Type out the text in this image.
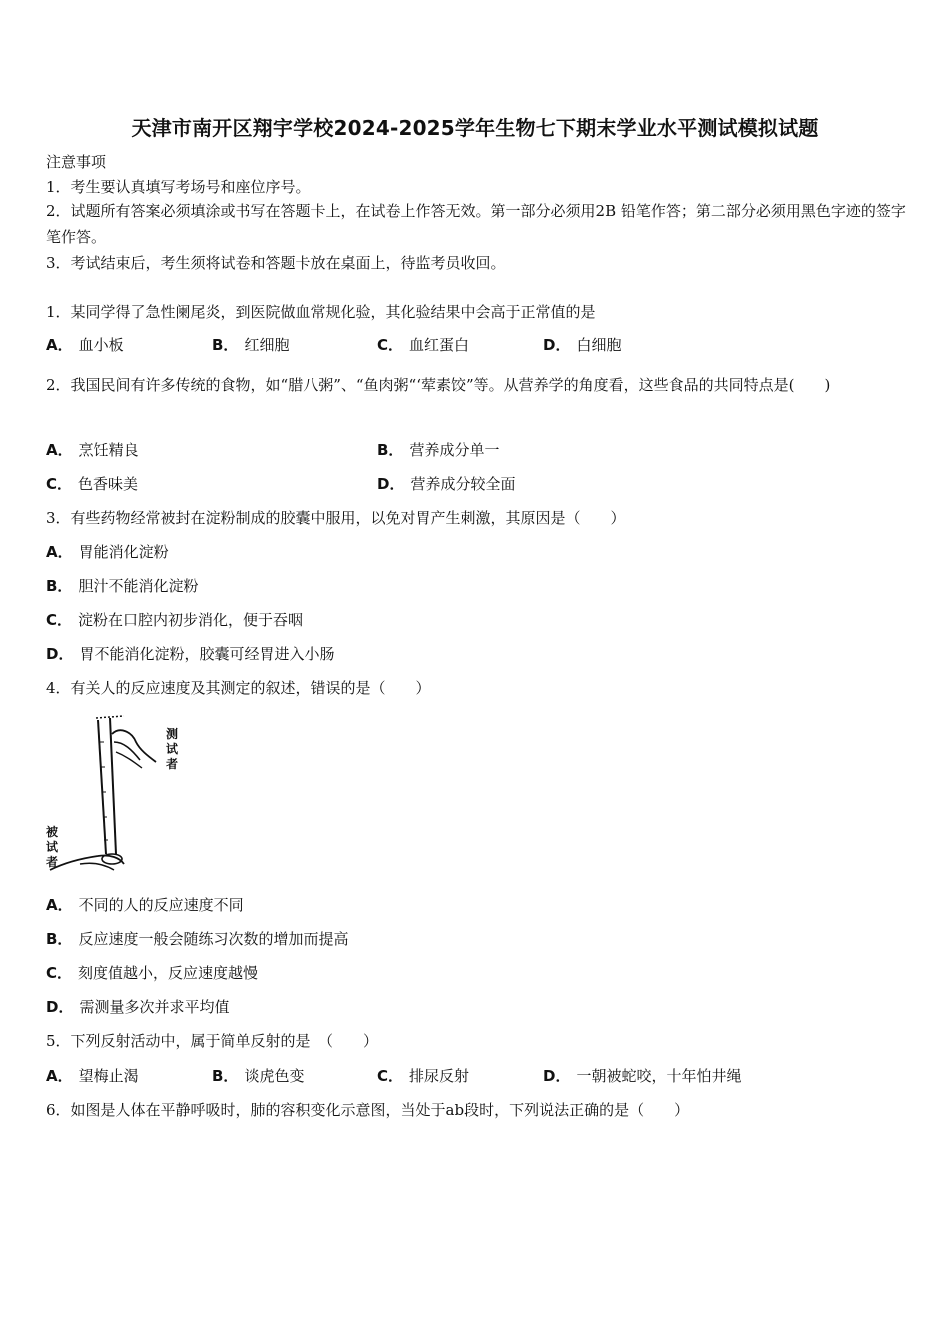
天津市南开区翔宇学校2024-2025学年生物七下期末学业水平测试模拟试题
注意事项
1．考生要认真填写考场号和座位序号。
2．试题所有答案必须填涂或书写在答题卡上，在试卷上作答无效。第一部分必须用2B 铅笔作答；第二部分必须用黑色字迹的签字笔作答。
3．考试结束后，考生须将试卷和答题卡放在桌面上，待监考员收回。
1．某同学得了急性阑尾炎，到医院做血常规化验，其化验结果中会高于正常值的是
A． 血小板	B． 红细胞	C． 血红蛋白	D． 白细胞
2．我国民间有许多传统的食物，如“腊八粥”、“鱼肉粥“‘荤素饺”等。从营养学的角度看，这些食品的共同特点是(　　)
A． 烹饪精良	B． 营养成分单一
C． 色香味美	D． 营养成分较全面
3．有些药物经常被封在淀粉制成的胶囊中服用，以免对胃产生刺激，其原因是（　　）
A． 胃能消化淀粉
B． 胆汁不能消化淀粉
C． 淀粉在口腔内初步消化，便于吞咽
D． 胃不能消化淀粉，胶囊可经胃进入小肠
4．有关人的反应速度及其测定的叙述，错误的是（　　）
测
试
者
被
试
者
A． 不同的人的反应速度不同
B． 反应速度一般会随练习次数的增加而提高
C． 刻度值越小，反应速度越慢
D． 需测量多次并求平均值
5．下列反射活动中，属于简单反射的是　（　　）
A． 望梅止渴	B． 谈虎色变	C． 排尿反射	D． 一朝被蛇咬，十年怕井绳
6．如图是人体在平静呼吸时，肺的容积变化示意图，当处于ab段时，下列说法正确的是（　　）
